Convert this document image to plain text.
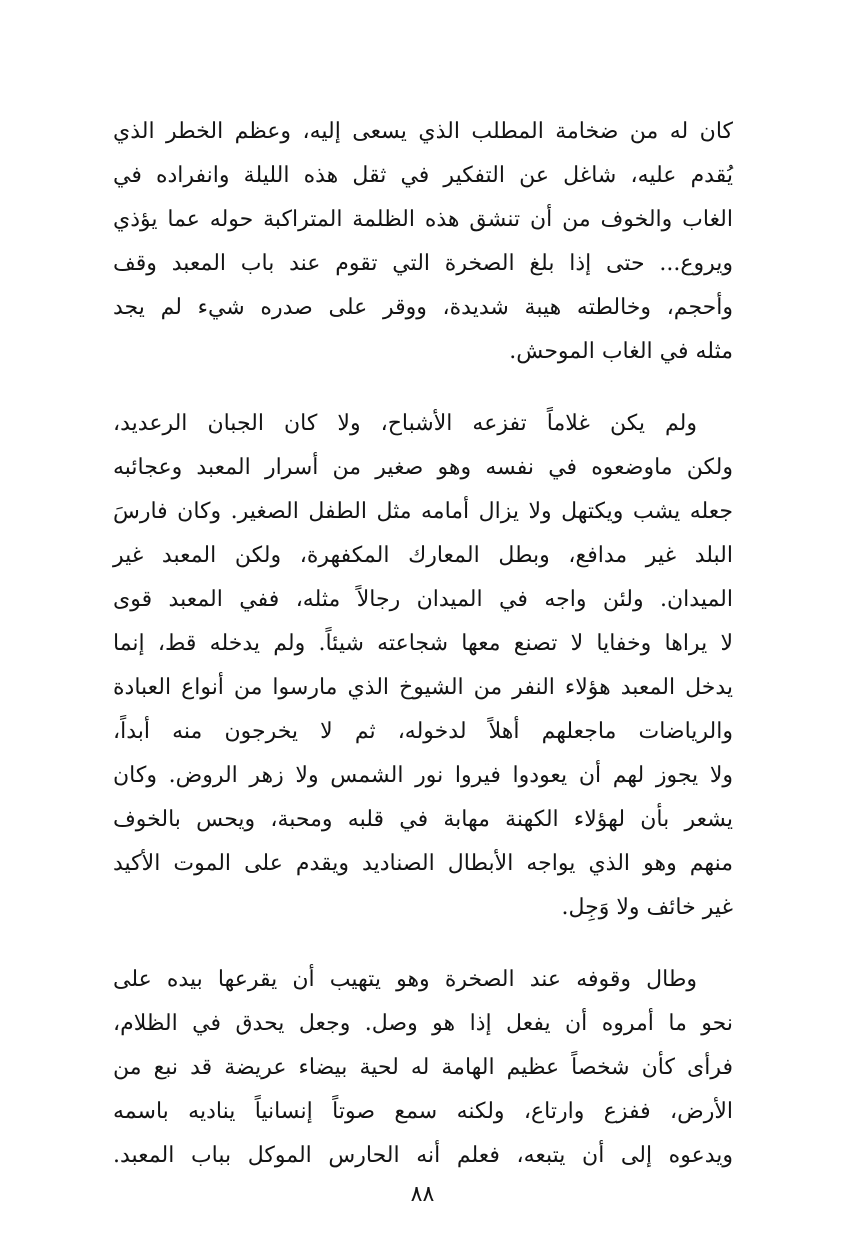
كان له من ضخامة المطلب الذي يسعى إليه، وعظم الخطر الذي
يُقدم عليه، شاغل عن التفكير في ثقل هذه الليلة وانفراده في
الغاب والخوف من أن تنشق هذه الظلمة المتراكبة حوله عما يؤذي
ويروع... حتى إذا بلغ الصخرة التي تقوم عند باب المعبد وقف
وأحجم، وخالطته هيبة شديدة، ووقر على صدره شيء لم يجد
مثله في الغاب الموحش.

ولم يكن غلاماً تفزعه الأشباح، ولا كان الجبان الرعديد،
ولكن ماوضعوه في نفسه وهو صغير من أسرار المعبد وعجائبه
جعله يشب ويكتهل ولا يزال أمامه مثل الطفل الصغير. وكان فارسَ
البلد غير مدافع، وبطل المعارك المكفهرة، ولكن المعبد غير
الميدان. ولئن واجه في الميدان رجالاً مثله، ففي المعبد قوى
لا يراها وخفايا لا تصنع معها شجاعته شيئاً. ولم يدخله قط، إنما
يدخل المعبد هؤلاء النفر من الشيوخ الذي مارسوا من أنواع العبادة
والرياضات ماجعلهم أهلاً لدخوله، ثم لا يخرجون منه أبداً،
ولا يجوز لهم أن يعودوا فيروا نور الشمس ولا زهر الروض. وكان
يشعر بأن لهؤلاء الكهنة مهابة في قلبه ومحبة، ويحس بالخوف
منهم وهو الذي يواجه الأبطال الصناديد ويقدم على الموت الأكيد
غير خائف ولا وَجِل.

وطال وقوفه عند الصخرة وهو يتهيب أن يقرعها بيده على
نحو ما أمروه أن يفعل إذا هو وصل. وجعل يحدق في الظلام،
فرأى كأن شخصاً عظيم الهامة له لحية بيضاء عريضة قد نبع من
الأرض، ففزع وارتاع، ولكنه سمع صوتاً إنسانياً يناديه باسمه
ويدعوه إلى أن يتبعه، فعلم أنه الحارس الموكل بباب المعبد.

٨٨
